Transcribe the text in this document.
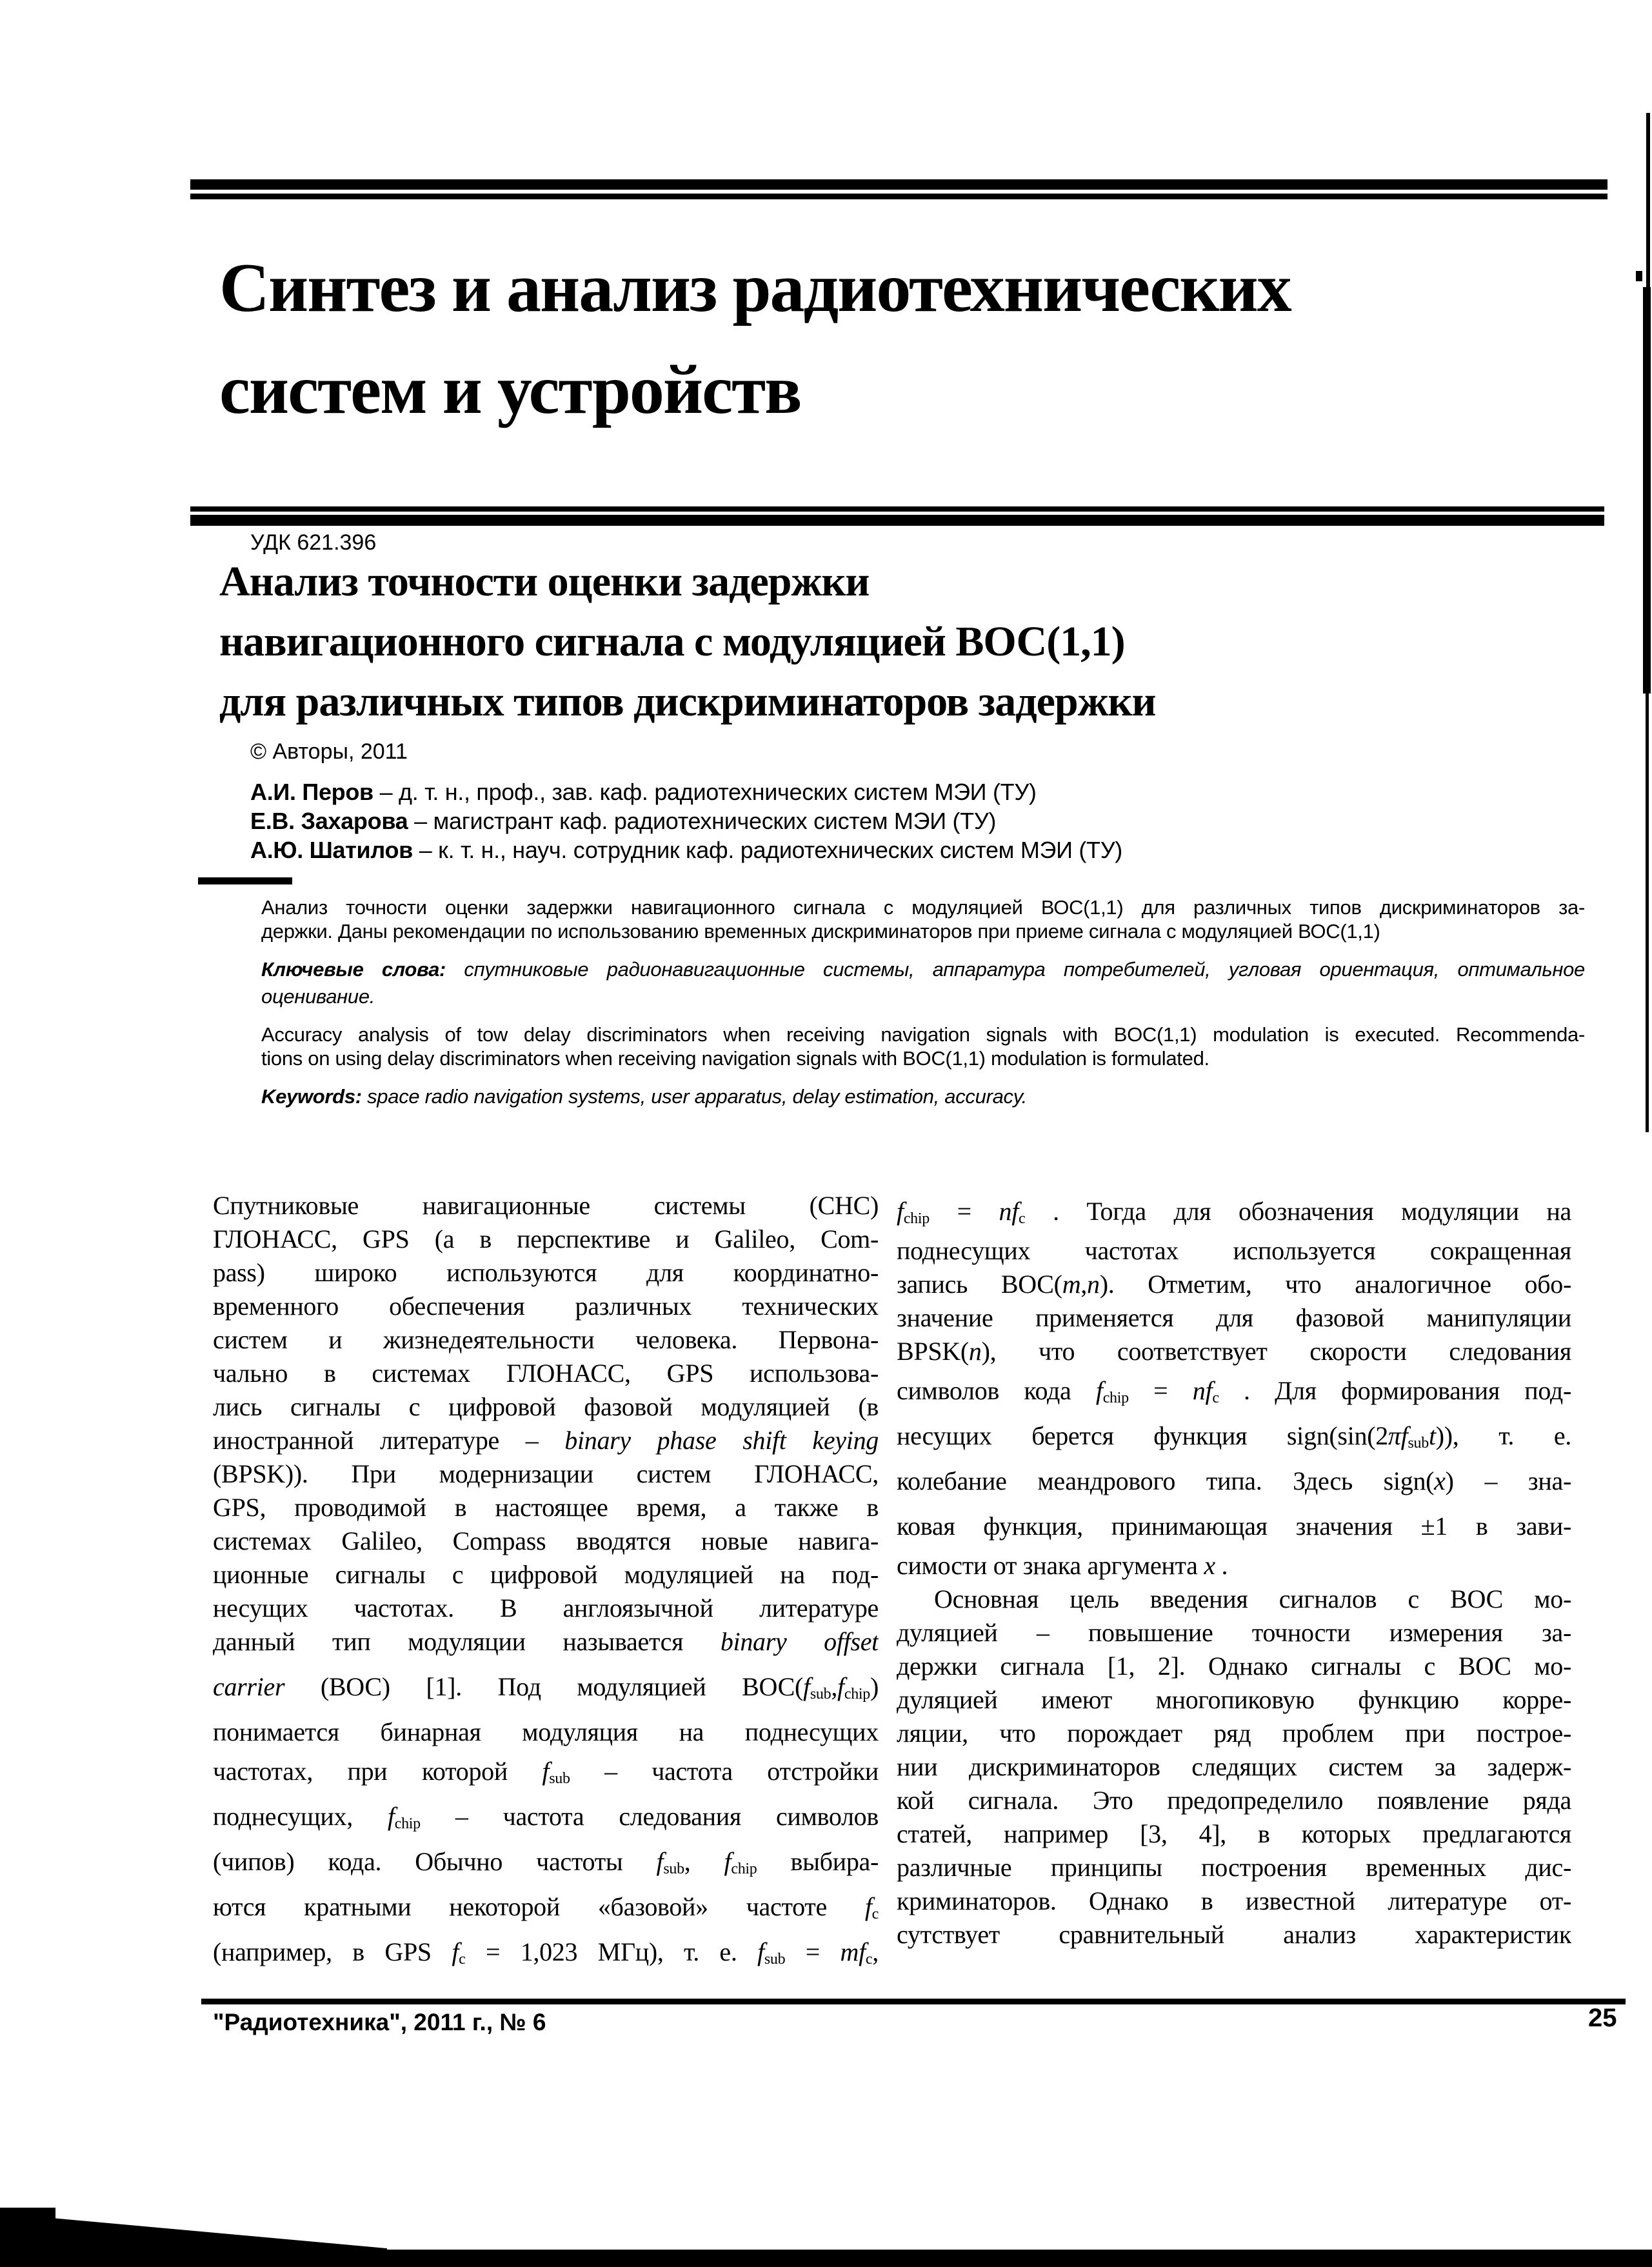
Синтез и анализ радиотехнических
систем и устройств
УДК 621.396
Анализ точности оценки задержки
навигационного сигнала с модуляцией ВОС(1,1)
для различных типов дискриминаторов задержки
© Авторы, 2011
А.И. Перов – д. т. н., проф., зав. каф. радиотехнических систем МЭИ (ТУ)
Е.В. Захарова – магистрант каф. радиотехнических систем МЭИ (ТУ)
А.Ю. Шатилов – к. т. н., науч. сотрудник каф. радиотехнических систем МЭИ (ТУ)
Анализ точности оценки задержки навигационного сигнала с модуляцией ВОС(1,1) для различных типов дискриминаторов за-
держки. Даны рекомендации по использованию временных дискриминаторов при приеме сигнала с модуляцией ВОС(1,1)
Ключевые слова: спутниковые радионавигационные системы, аппаратура потребителей, угловая ориентация, оптимальное
оценивание.
Accuracy analysis of tow delay discriminators when receiving navigation signals with BOC(1,1) modulation is executed. Recommenda-
tions on using delay discriminators when receiving navigation signals with BOC(1,1) modulation is formulated.
Keywords: space radio navigation systems, user apparatus, delay estimation, accuracy.
Спутниковые навигационные системы (СНС)
ГЛОНАСС, GPS (а в перспективе и Galileo, Com-
pass) широко используются для координатно-
временного обеспечения различных технических
систем и жизнедеятельности человека. Первона-
чально в системах ГЛОНАСС, GPS использова-
лись сигналы с цифровой фазовой модуляцией (в
иностранной литературе – binary phase shift keying
(BPSK)). При модернизации систем ГЛОНАСС,
GPS, проводимой в настоящее время, а также в
системах Galileo, Compass вводятся новые навига-
ционные сигналы с цифровой модуляцией на под-
несущих частотах. В англоязычной литературе
данный тип модуляции называется binary offset
carrier (ВОС) [1]. Под модуляцией ВОС(fsub,fchip)
понимается бинарная модуляция на поднесущих
частотах, при которой fsub – частота отстройки
поднесущих, fchip – частота следования символов
(чипов) кода. Обычно частоты fsub, fchip выбира-
ются кратными некоторой «базовой» частоте fc
(например, в GPS fc = 1,023 МГц), т. е. fsub = mfc,
fchip = nfc . Тогда для обозначения модуляции на
поднесущих частотах используется сокращенная
запись ВОС(m,n). Отметим, что аналогичное обо-
значение применяется для фазовой манипуляции
BPSK(n), что соответствует скорости следования
символов кода fchip = nfc . Для формирования под-
несущих берется функция sign(sin(2πfsubt)), т. е.
колебание меандрового типа. Здесь sign(x) – зна-
ковая функция, принимающая значения ±1 в зави-
симости от знака аргумента x .
Основная цель введения сигналов с ВОС мо-
дуляцией – повышение точности измерения за-
держки сигнала [1, 2]. Однако сигналы с ВОС мо-
дуляцией имеют многопиковую функцию корре-
ляции, что порождает ряд проблем при построе-
нии дискриминаторов следящих систем за задерж-
кой сигнала. Это предопределило появление ряда
статей, например [3, 4], в которых предлагаются
различные принципы построения временных дис-
криминаторов. Однако в известной литературе от-
сутствует сравнительный анализ характеристик
"Радиотехника", 2011 г., № 6	25
